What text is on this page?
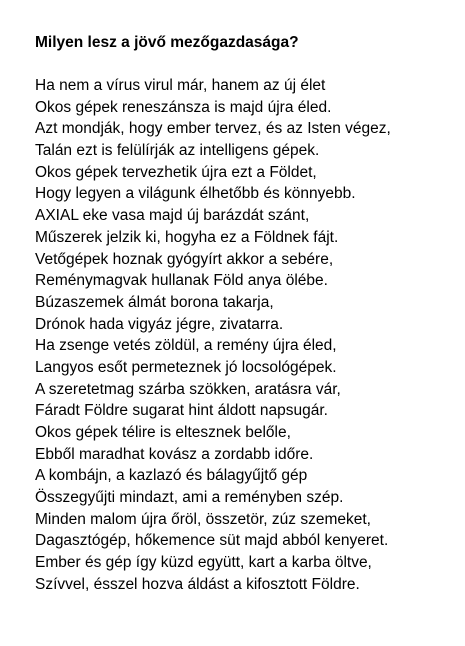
Milyen lesz a jövő mezőgazdasága?
Ha nem a vírus virul már, hanem az új élet
Okos gépek reneszánsza is majd újra éled.
Azt mondják, hogy ember tervez, és az Isten végez,
Talán ezt is felülírják az intelligens gépek.
Okos gépek tervezhetik újra ezt a Földet,
Hogy legyen a világunk élhetőbb és könnyebb.
AXIAL eke vasa majd új barázdát szánt,
Műszerek jelzik ki, hogyha ez a Földnek fájt.
Vetőgépek hoznak gyógyírt akkor a sebére,
Reménymagvak hullanak Föld anya ölébe.
Búzaszemek álmát borona takarja,
Drónok hada vigyáz jégre, zivatarra.
Ha zsenge vetés zöldül, a remény újra éled,
Langyos esőt permeteznek jó locsológépek.
A szeretetmag szárba szökken, aratásra vár,
Fáradt Földre sugarat hint áldott napsugár.
Okos gépek télire is eltesznek belőle,
Ebből maradhat kovász a zordabb időre.
A kombájn, a kazlazó és bálagyűjtő gép
Összegyűjti mindazt, ami a reményben szép.
Minden malom újra őröl, összetör, zúz szemeket,
Dagasztógép, hőkemence süt majd abból kenyeret.
Ember és gép így küzd együtt, kart a karba öltve,
Szívvel, ésszel hozva áldást a kifosztott Földre.
